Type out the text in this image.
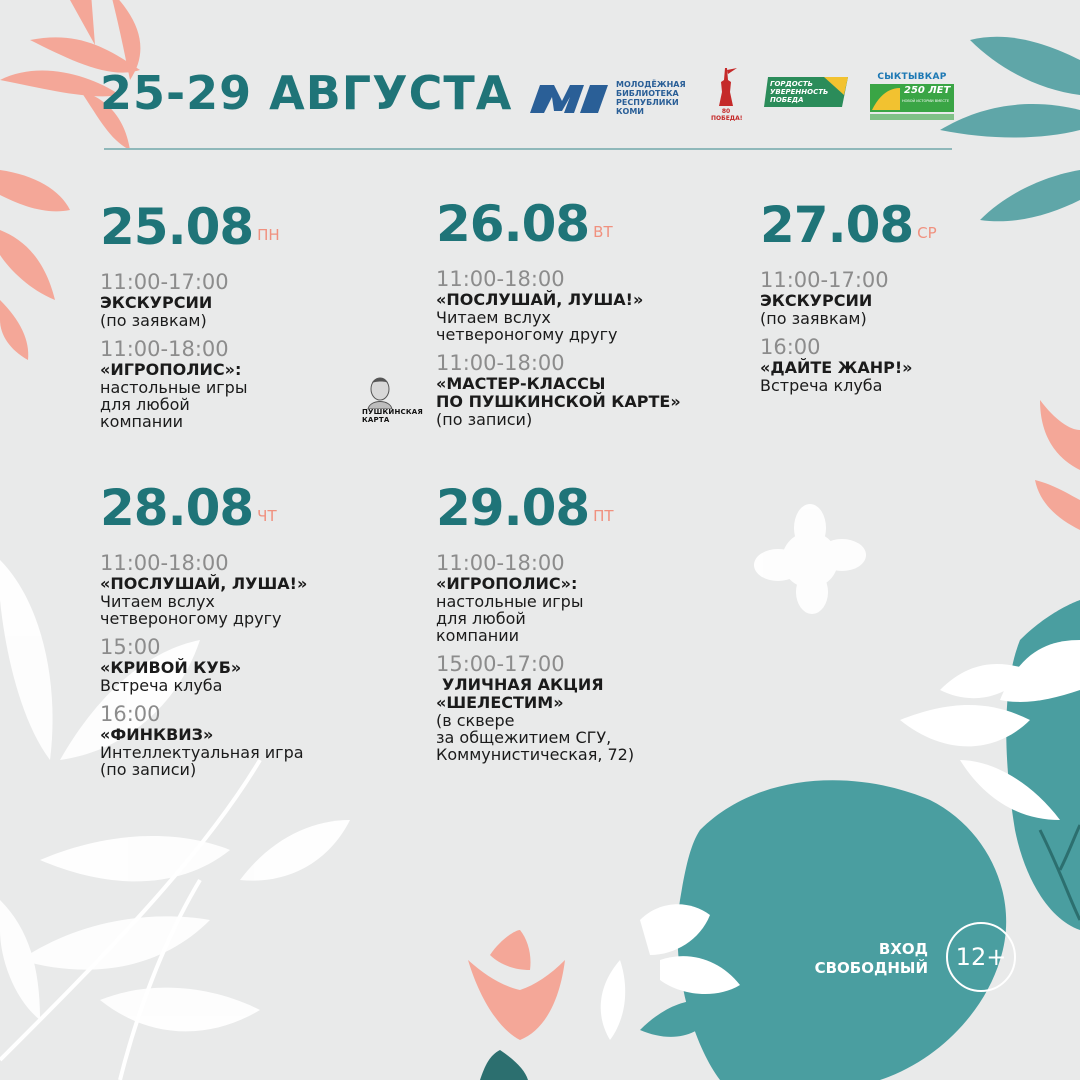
25-29 АВГУСТА	МОЛОДЁЖНАЯ БИБЛИОТЕКА РЕСПУБЛИКИ КОМИ	80 ПОБЕДА!
ГОРДОСТЬ УВЕРЕННОСТЬ ПОБЕДА
СЫКТЫВКАР
250 ЛЕТ
НОВОЙ ИСТОРИИ ВМЕСТЕ
25.08 ПН
11:00-17:00
ЭКСКУРСИИ
(по заявкам)
11:00-18:00
«ИГРОПОЛИС»:
настольные игры
для любой
компании
26.08 ВТ
11:00-18:00
«ПОСЛУШАЙ, ЛУША!»
Читаем вслух
четвероногому другу
11:00-18:00
«МАСТЕР-КЛАССЫ
ПО ПУШКИНСКОЙ КАРТЕ»
(по записи)
27.08 СР
11:00-17:00
ЭКСКУРСИИ
(по заявкам)
16:00
«ДАЙТЕ ЖАНР!»
Встреча клуба
ПУШКИНСКАЯ КАРТА
28.08 ЧТ
11:00-18:00
«ПОСЛУШАЙ, ЛУША!»
Читаем вслух
четвероногому другу
15:00
«КРИВОЙ КУБ»
Встреча клуба
16:00
«ФИНКВИЗ»
Интеллектуальная игра
(по записи)
29.08 ПТ
11:00-18:00
«ИГРОПОЛИС»:
настольные игры
для любой
компании
15:00-17:00
УЛИЧНАЯ АКЦИЯ
«ШЕЛЕСТИМ»
(в сквере
за общежитием СГУ,
Коммунистическая, 72)
ВХОД СВОБОДНЫЙ	12+
